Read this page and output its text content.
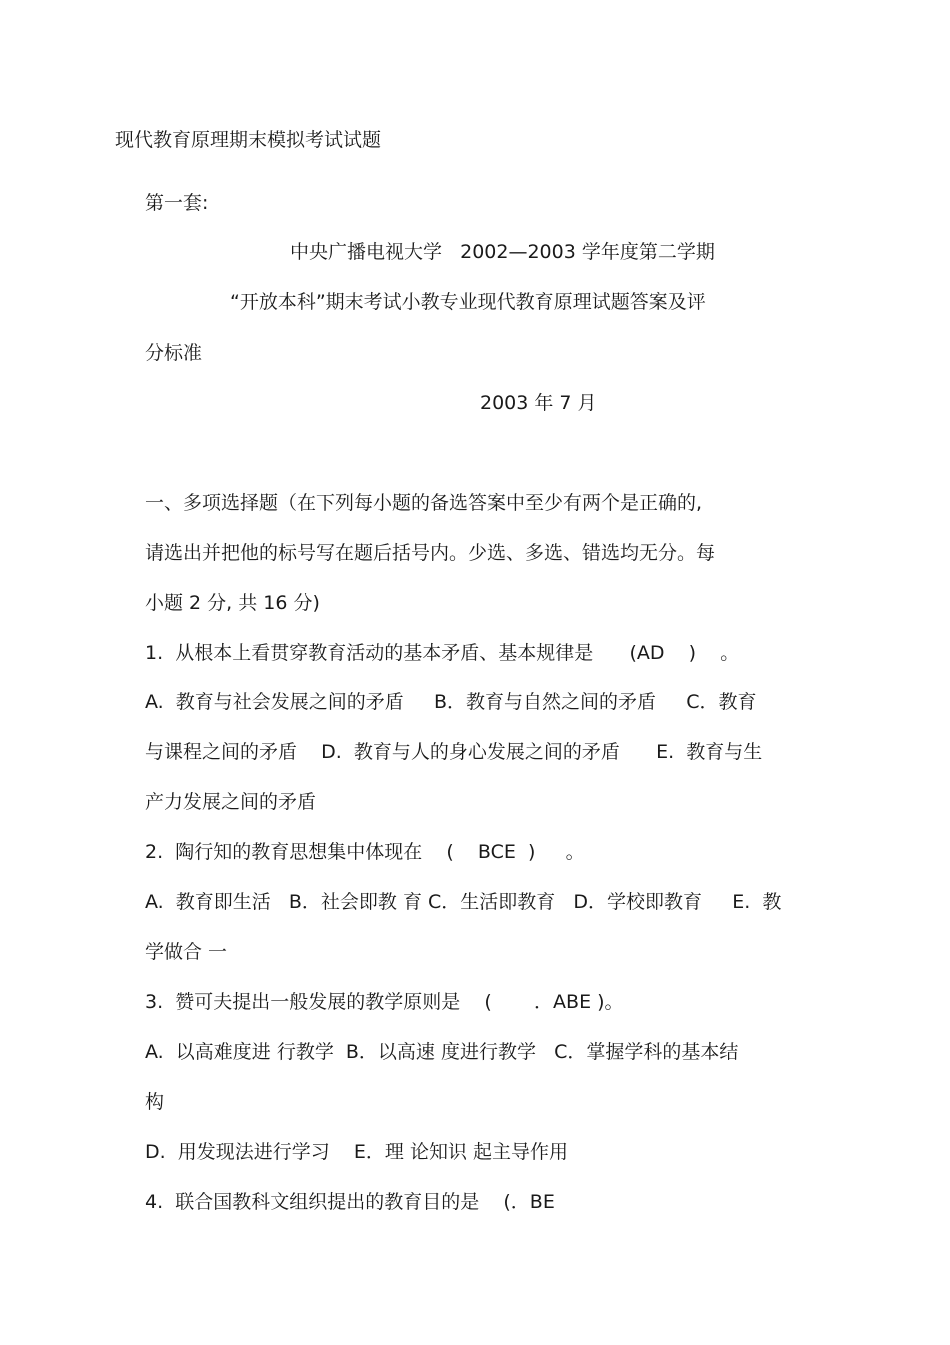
现代教育原理期末模拟考试试题
第一套:
中央广播电视大学   2002—2003 学年度第二学期
“开放本科”期末考试小教专业现代教育原理试题答案及评
分标准
2003 年 7 月
一、多项选择题（在下列每小题的备选答案中至少有两个是正确的,
请选出并把他的标号写在题后括号内。少选、多选、错选均无分。每
小题 2 分, 共 16 分)
1.  从根本上看贯穿教育活动的基本矛盾、基本规律是      (AD    )    。
A.  教育与社会发展之间的矛盾     B．教育与自然之间的矛盾     C．教育
与课程之间的矛盾    D.  教育与人的身心发展之间的矛盾      E.  教育与生
产力发展之间的矛盾
2.  陶行知的教育思想集中体现在    (    BCE  )     。
A.  教育即生活   B．社会即教 育 C．生活即教育   D．学校即教育     E.  教
学做合 一
3.  赞可夫提出一般发展的教学原则是    (       ．ABE )。
A.  以高难度进 行教学  B．以高速 度进行教学   C．掌握学科的基本结
构
D.  用发现法进行学习    E．理 论知识 起主导作用
4.  联合国教科文组织提出的教育目的是    (．BE
